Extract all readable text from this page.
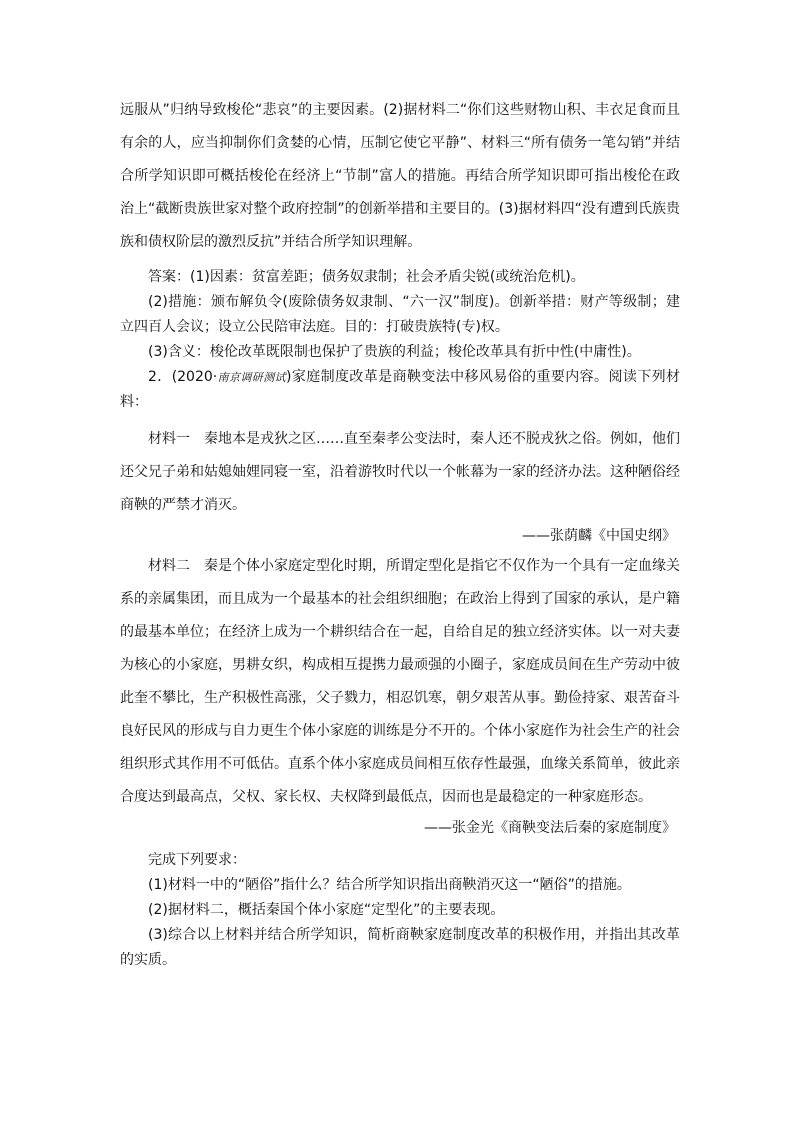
远服从”归纳导致梭伦“悲哀”的主要因素。(2)据材料二“你们这些财物山积、丰衣足食而且有余的人，应当抑制你们贪婪的心情，压制它使它平静”、材料三“所有债务一笔勾销”并结合所学知识即可概括梭伦在经济上“节制”富人的措施。再结合所学知识即可指出梭伦在政治上“截断贵族世家对整个政府控制”的创新举措和主要目的。(3)据材料四“没有遭到氏族贵族和债权阶层的激烈反抗”并结合所学知识理解。

答案：(1)因素：贫富差距；债务奴隶制；社会矛盾尖锐(或统治危机)。

(2)措施：颁布解负令(废除债务奴隶制、“六一汉”制度)。创新举措：财产等级制；建立四百人会议；设立公民陪审法庭。目的：打破贵族特(专)权。

(3)含义：梭伦改革既限制也保护了贵族的利益；梭伦改革具有折中性(中庸性)。

2．(2020·南京调研测试)家庭制度改革是商鞅变法中移风易俗的重要内容。阅读下列材料：

材料一　秦地本是戎狄之区……直至秦孝公变法时，秦人还不脱戎狄之俗。例如，他们还父兄子弟和姑媳妯娌同寝一室，沿着游牧时代以一个帐幕为一家的经济办法。这种陋俗经商鞅的严禁才消灭。

——张荫麟《中国史纲》

材料二　秦是个体小家庭定型化时期，所谓定型化是指它不仅作为一个具有一定血缘关系的亲属集团，而且成为一个最基本的社会组织细胞；在政治上得到了国家的承认，是户籍的最基本单位；在经济上成为一个耕织结合在一起，自给自足的独立经济实体。以一对夫妻为核心的小家庭，男耕女织，构成相互提携力最顽强的小圈子，家庭成员间在生产劳动中彼此奎不攀比，生产积极性高涨，父子戮力，相忍饥寒，朝夕艰苦从事。勤俭持家、艰苦奋斗良好民风的形成与自力更生个体小家庭的训练是分不开的。个体小家庭作为社会生产的社会组织形式其作用不可低估。直系个体小家庭成员间相互依存性最强，血缘关系简单，彼此亲合度达到最高点，父权、家长权、夫权降到最低点，因而也是最稳定的一种家庭形态。

——张金光《商鞅变法后秦的家庭制度》

完成下列要求：

(1)材料一中的“陋俗”指什么？结合所学知识指出商鞅消灭这一“陋俗”的措施。

(2)据材料二，概括秦国个体小家庭“定型化”的主要表现。

(3)综合以上材料并结合所学知识，简析商鞅家庭制度改革的积极作用，并指出其改革的实质。
